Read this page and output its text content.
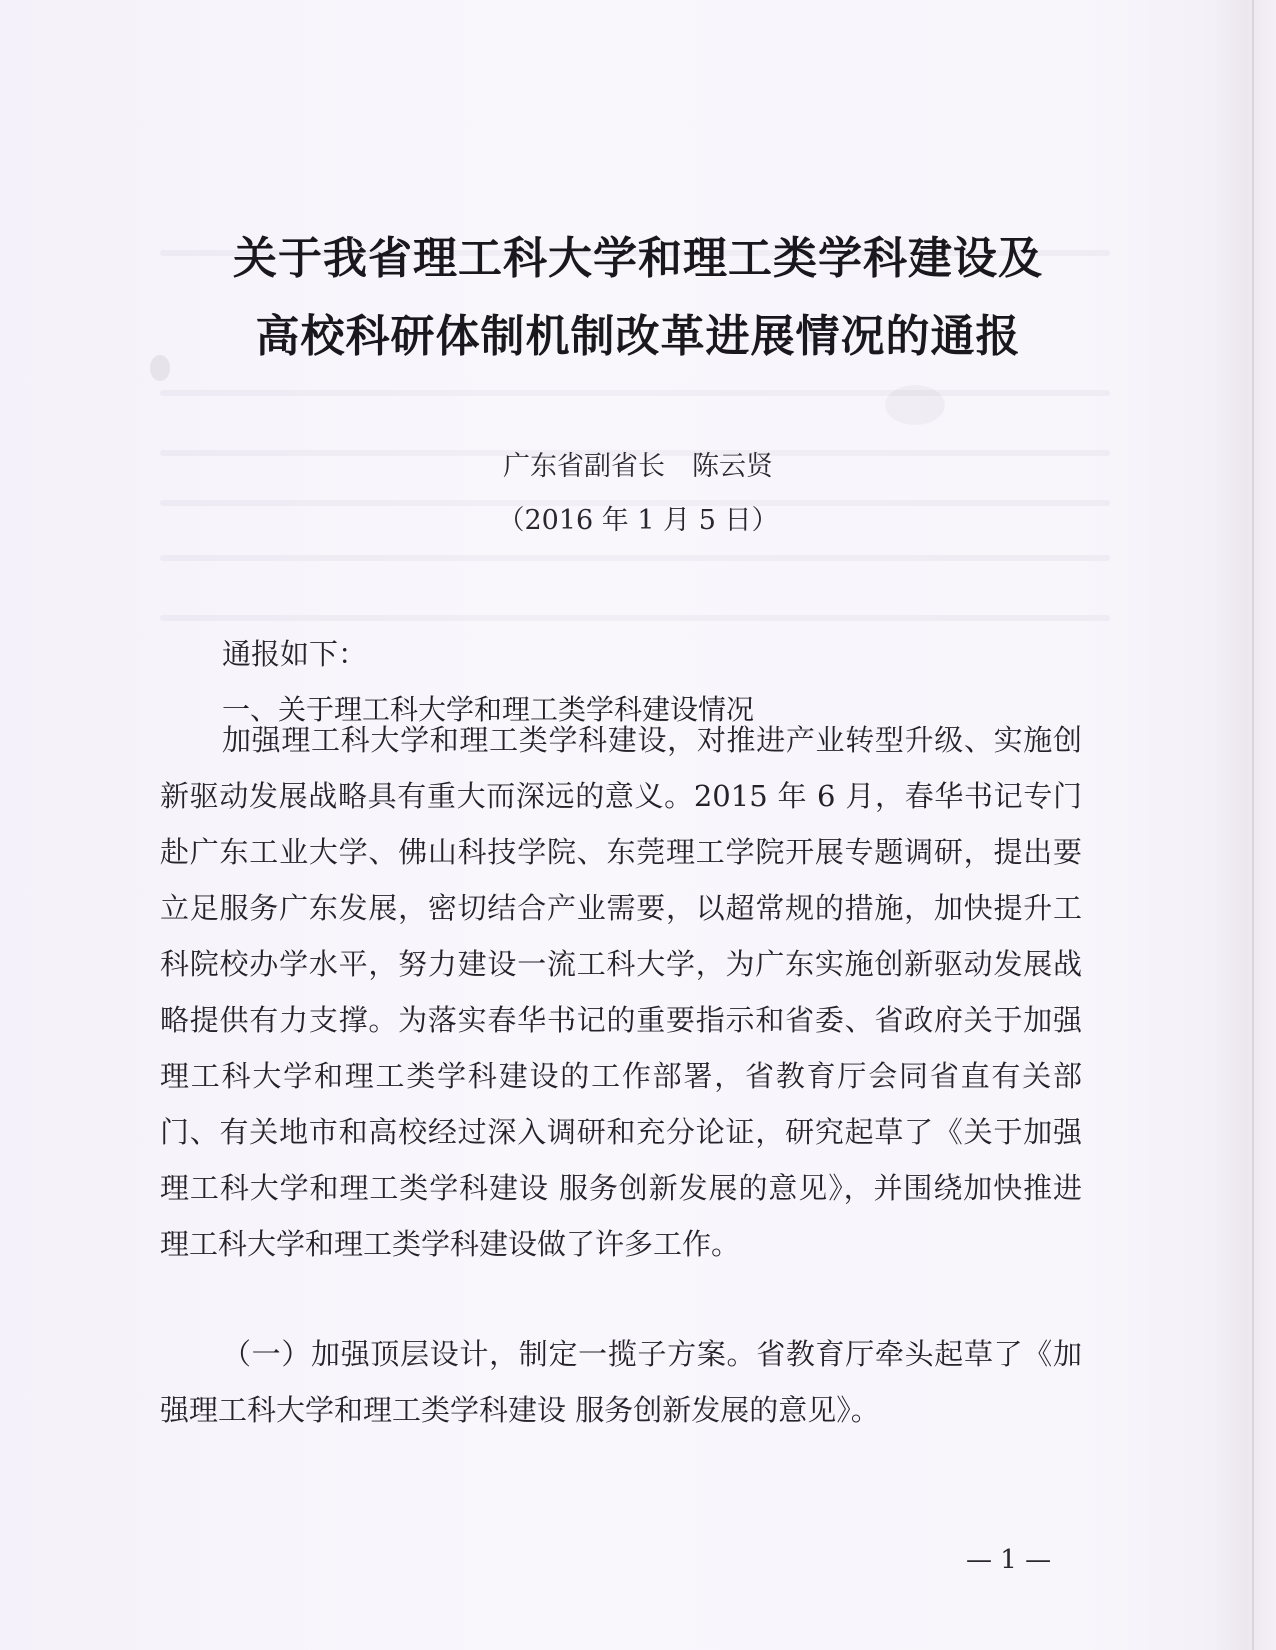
关于我省理工科大学和理工类学科建设及
高校科研体制机制改革进展情况的通报
广东省副省长　陈云贤
（2016 年 1 月 5 日）
通报如下：
一、关于理工科大学和理工类学科建设情况

加强理工科大学和理工类学科建设，对推进产业转型升级、实施创新驱动发展战略具有重大而深远的意义。2015 年 6 月，春华书记专门赴广东工业大学、佛山科技学院、东莞理工学院开展专题调研，提出要立足服务广东发展，密切结合产业需要，以超常规的措施，加快提升工科院校办学水平，努力建设一流工科大学，为广东实施创新驱动发展战略提供有力支撑。为落实春华书记的重要指示和省委、省政府关于加强理工科大学和理工类学科建设的工作部署，省教育厅会同省直有关部门、有关地市和高校经过深入调研和充分论证，研究起草了《关于加强理工科大学和理工类学科建设 服务创新发展的意见》，并围绕加快推进理工科大学和理工类学科建设做了许多工作。

（一）加强顶层设计，制定一揽子方案。省教育厅牵头起草了《加强理工科大学和理工类学科建设 服务创新发展的意见》。

— 1 —
